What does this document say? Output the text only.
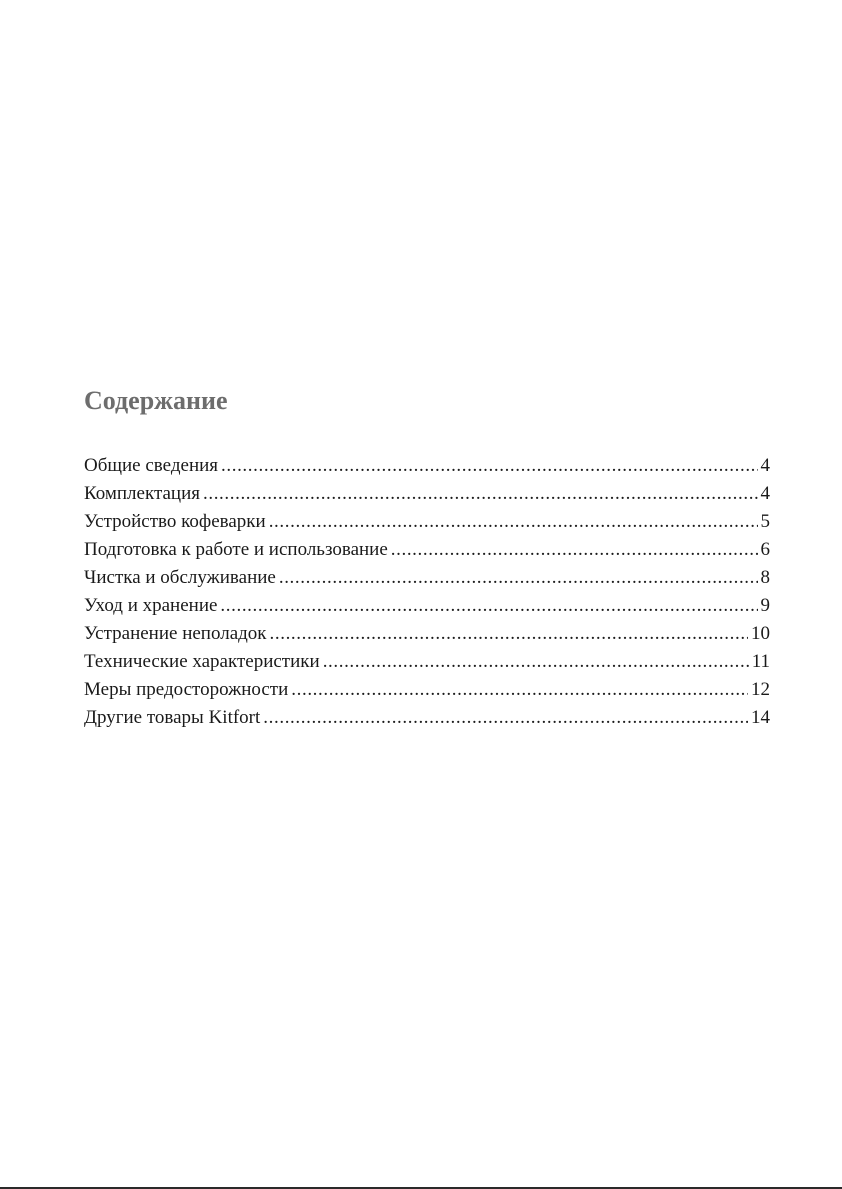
Содержание
Общие сведения .....	4
Комплектация .....	4
Устройство кофеварки .....	5
Подготовка к работе и использование .....	6
Чистка и обслуживание .....	8
Уход и хранение .....	9
Устранение неполадок .....	10
Технические характеристики .....	11
Меры предосторожности .....	12
Другие товары Kitfort .....	14
